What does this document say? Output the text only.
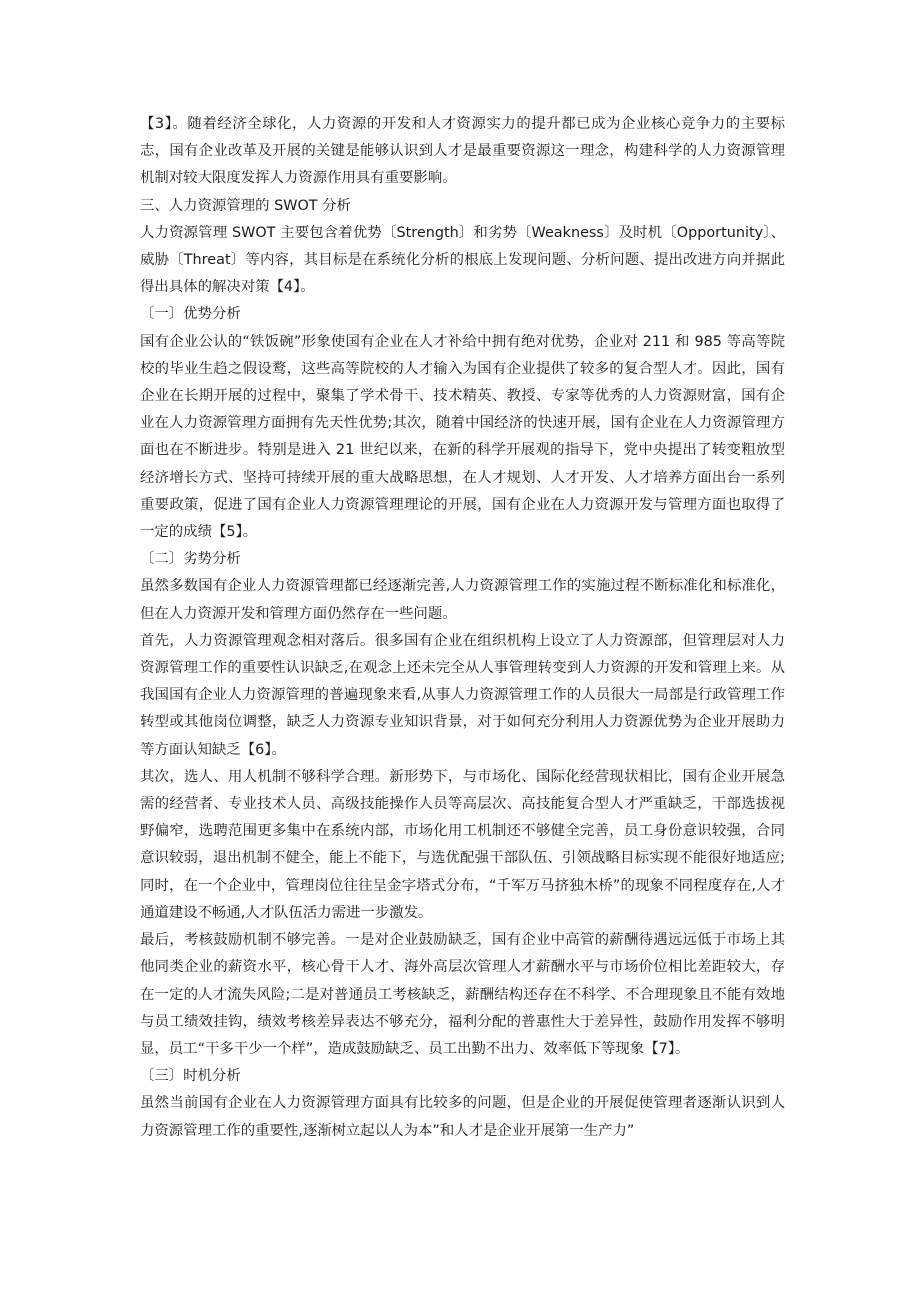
【3】。随着经济全球化，人力资源的开发和人才资源实力的提升都已成为企业核心竞争力的主要标志，国有企业改革及开展的关键是能够认识到人才是最重要资源这一理念，构建科学的人力资源管理机制对较大限度发挥人力资源作用具有重要影响。

三、人力资源管理的 SWOT 分析

人力资源管理 SWOT 主要包含着优势〔Strength〕和劣势〔Weakness〕及时机〔Opportunity〕、威胁〔Threat〕等内容，其目标是在系统化分析的根底上发现问题、分析问题、提出改进方向并据此得出具体的解决对策【4】。

〔一〕优势分析

国有企业公认的“铁饭碗”形象使国有企业在人才补给中拥有绝对优势，企业对 211 和 985 等高等院校的毕业生趋之假设鹜，这些高等院校的人才输入为国有企业提供了较多的复合型人才。因此，国有企业在长期开展的过程中，聚集了学术骨干、技术精英、教授、专家等优秀的人力资源财富，国有企业在人力资源管理方面拥有先天性优势;其次，随着中国经济的快速开展，国有企业在人力资源管理方面也在不断进步。特别是进入 21 世纪以来，在新的科学开展观的指导下，党中央提出了转变粗放型经济增长方式、坚持可持续开展的重大战略思想，在人才规划、人才开发、人才培养方面出台一系列重要政策，促进了国有企业人力资源管理理论的开展，国有企业在人力资源开发与管理方面也取得了一定的成绩【5】。

〔二〕劣势分析

虽然多数国有企业人力资源管理都已经逐渐完善,人力资源管理工作的实施过程不断标准化和标准化，但在人力资源开发和管理方面仍然存在一些问题。

首先，人力资源管理观念相对落后。很多国有企业在组织机构上设立了人力资源部，但管理层对人力资源管理工作的重要性认识缺乏,在观念上还未完全从人事管理转变到人力资源的开发和管理上来。从我国国有企业人力资源管理的普遍现象来看,从事人力资源管理工作的人员很大一局部是行政管理工作转型或其他岗位调整，缺乏人力资源专业知识背景，对于如何充分利用人力资源优势为企业开展助力等方面认知缺乏【6】。

其次，选人、用人机制不够科学合理。新形势下，与市场化、国际化经营现状相比，国有企业开展急需的经营者、专业技术人员、高级技能操作人员等高层次、高技能复合型人才严重缺乏，干部选拔视野偏窄，选聘范围更多集中在系统内部，市场化用工机制还不够健全完善，员工身份意识较强，合同意识较弱，退出机制不健全，能上不能下，与选优配强干部队伍、引领战略目标实现不能很好地适应;同时，在一个企业中，管理岗位往往呈金字塔式分布，“千军万马挤独木桥”的现象不同程度存在,人才通道建设不畅通,人才队伍活力需进一步激发。

最后，考核鼓励机制不够完善。一是对企业鼓励缺乏，国有企业中高管的薪酬待遇远远低于市场上其他同类企业的薪资水平，核心骨干人才、海外高层次管理人才薪酬水平与市场价位相比差距较大，存在一定的人才流失风险;二是对普通员工考核缺乏，薪酬结构还存在不科学、不合理现象且不能有效地与员工绩效挂钩，绩效考核差异表达不够充分，福利分配的普惠性大于差异性，鼓励作用发挥不够明显，员工“干多干少一个样”，造成鼓励缺乏、员工出勤不出力、效率低下等现象【7】。

〔三〕时机分析

虽然当前国有企业在人力资源管理方面具有比较多的问题，但是企业的开展促使管理者逐渐认识到人力资源管理工作的重要性,逐渐树立起以人为本”和人才是企业开展第一生产力”
